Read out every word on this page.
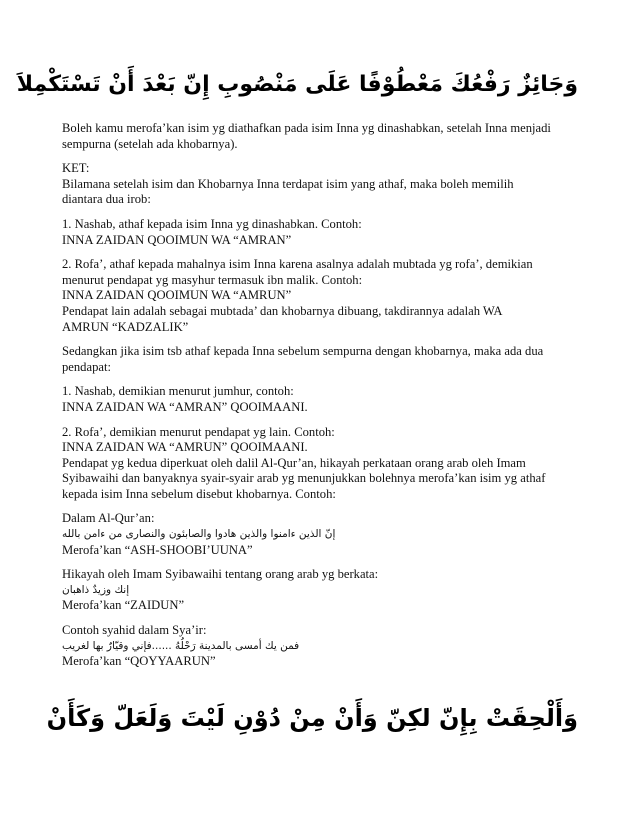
وَجَائِزٌ رَفْعُكَ مَعْطُوْفًا عَلَى مَنْصُوبِ إِنّ بَعْدَ أَنْ تَسْتَكْمِلاَ
Boleh kamu merofa’kan isim yg diathafkan pada isim Inna yg dinashabkan, setelah Inna menjadi
sempurna (setelah ada khobarnya).
KET:
Bilamana setelah isim dan Khobarnya Inna terdapat isim yang athaf, maka boleh memilih
diantara dua irob:
1. Nashab, athaf kepada isim Inna yg dinashabkan. Contoh:
INNA ZAIDAN QOOIMUN WA “AMRAN”
2. Rofa’, athaf kepada mahalnya isim Inna karena asalnya adalah mubtada yg rofa’, demikian
menurut pendapat yg masyhur termasuk ibn malik. Contoh:
INNA ZAIDAN QOOIMUN WA “AMRUN”
Pendapat lain adalah sebagai mubtada’ dan khobarnya dibuang, takdirannya adalah WA
AMRUN “KADZALIK”
Sedangkan jika isim tsb athaf kepada Inna sebelum sempurna dengan khobarnya, maka ada dua
pendapat:
1. Nashab, demikian menurut jumhur, contoh:
INNA ZAIDAN WA “AMRAN” QOOIMAANI.
2. Rofa’, demikian menurut pendapat yg lain. Contoh:
INNA ZAIDAN WA “AMRUN” QOOIMAANI.
Pendapat yg kedua diperkuat oleh dalil Al-Qur’an, hikayah perkataan orang arab oleh Imam
Syibawaihi dan banyaknya syair-syair arab yg menunjukkan bolehnya merofa’kan isim yg athaf
kepada isim Inna sebelum disebut khobarnya. Contoh:
Dalam Al-Qur’an:
إنّ الذين ءامنوا والذين هادوا والصابئون والنصارى من ءامن بالله
Merofa’kan “ASH-SHOOBI’UUNA”
Hikayah oleh Imam Syibawaihi tentang orang arab yg berkata:
إنك وزيدٌ ذاهبان
Merofa’kan “ZAIDUN”
Contoh syahid dalam Sya’ir:
فمن يك أمسى بالمدينة رَحْلُهُ ......فإني وقيّارٌ بها لغريب
Merofa’kan “QOYYAARUN”
وَأَلْحِقَتْ بِإِنّ لكِنّ وَأَنْ مِنْ دُوْنِ لَيْتَ وَلَعَلّ وَكَأَنْ
